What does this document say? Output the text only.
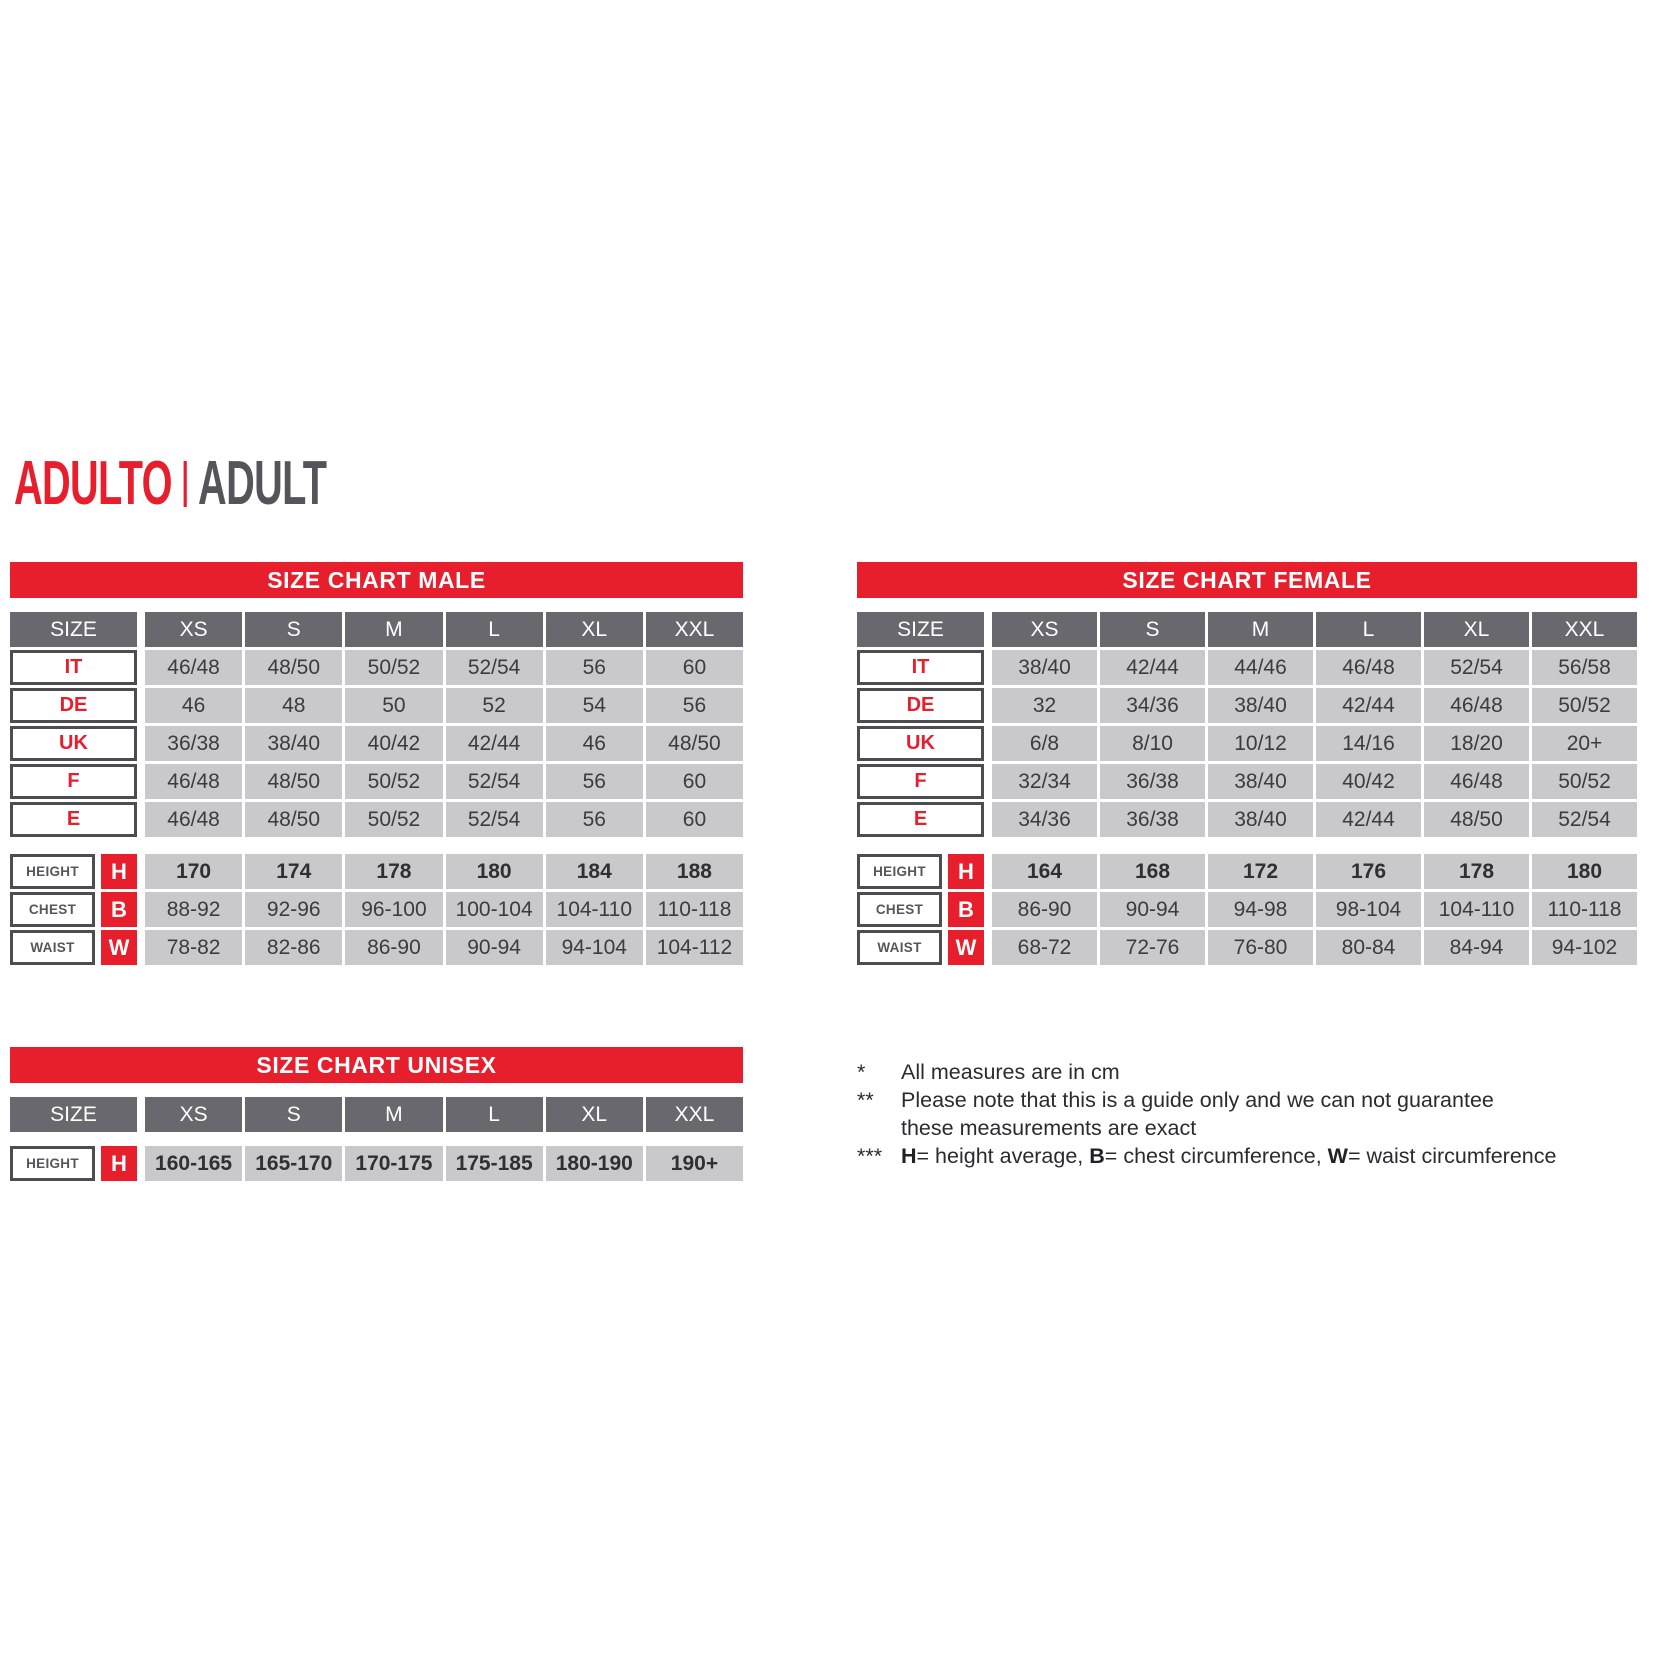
ADULTO ADULT
SIZE CHART MALE
SIZE	XS	S	M	L	XL	XXL
IT	46/48	48/50	50/52	52/54	56	60
DE	46	48	50	52	54	56
UK	36/38	38/40	40/42	42/44	46	48/50
F	46/48	48/50	50/52	52/54	56	60
E	46/48	48/50	50/52	52/54	56	60
HEIGHT	H	170	174	178	180	184	188
CHEST	B	88-92	92-96	96-100	100-104	104-110	110-118
WAIST	W	78-82	82-86	86-90	90-94	94-104	104-112
SIZE CHART FEMALE
SIZE	XS	S	M	L	XL	XXL
IT	38/40	42/44	44/46	46/48	52/54	56/58
DE	32	34/36	38/40	42/44	46/48	50/52
UK	6/8	8/10	10/12	14/16	18/20	20+
F	32/34	36/38	38/40	40/42	46/48	50/52
E	34/36	36/38	38/40	42/44	48/50	52/54
HEIGHT	H	164	168	172	176	178	180
CHEST	B	86-90	90-94	94-98	98-104	104-110	110-118
WAIST	W	68-72	72-76	76-80	80-84	84-94	94-102
SIZE CHART UNISEX
SIZE	XS	S	M	L	XL	XXL
HEIGHT	H	160-165	165-170	170-175	175-185	180-190	190+
*	All measures are in cm
**	Please note that this is a guide only and we can not guarantee
these measurements are exact
*** H= height average, B= chest circumference, W= waist circumference
